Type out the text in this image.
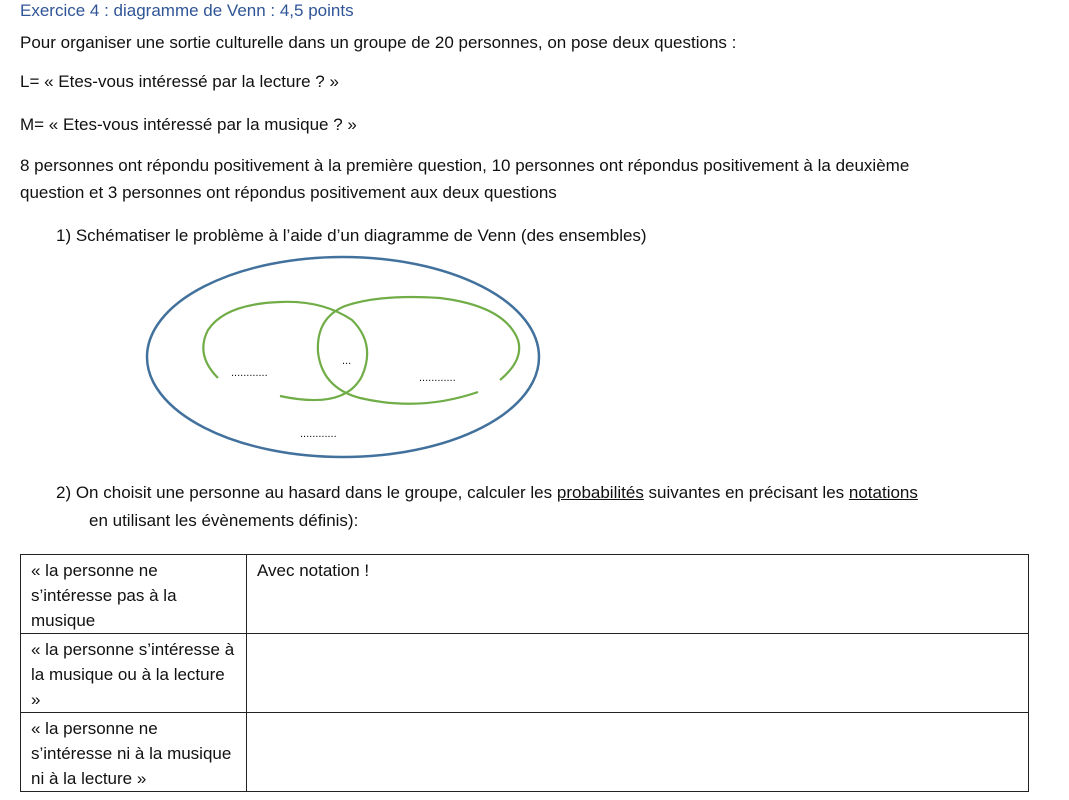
Exercice 4 : diagramme de Venn : 4,5 points
Pour organiser une sortie culturelle dans un groupe de 20 personnes, on pose deux questions :
L= « Etes-vous intéressé par la lecture ? »
M= « Etes-vous intéressé par la musique ? »
8 personnes ont répondu positivement à la première question, 10 personnes ont répondus positivement à la deuxième
question et 3 personnes ont répondus positivement aux deux questions
1) Schématiser le problème à l’aide d’un diagramme de Venn (des ensembles)
............
...
............
............
2) On choisit une personne au hasard dans le groupe, calculer les probabilités suivantes en précisant les notations
en utilisant les évènements définis):
« la personne ne s’intéresse pas à la musique	Avec notation !
« la personne s’intéresse à la musique ou à la lecture »	
« la personne ne s’intéresse ni à la musique ni à la lecture »	
